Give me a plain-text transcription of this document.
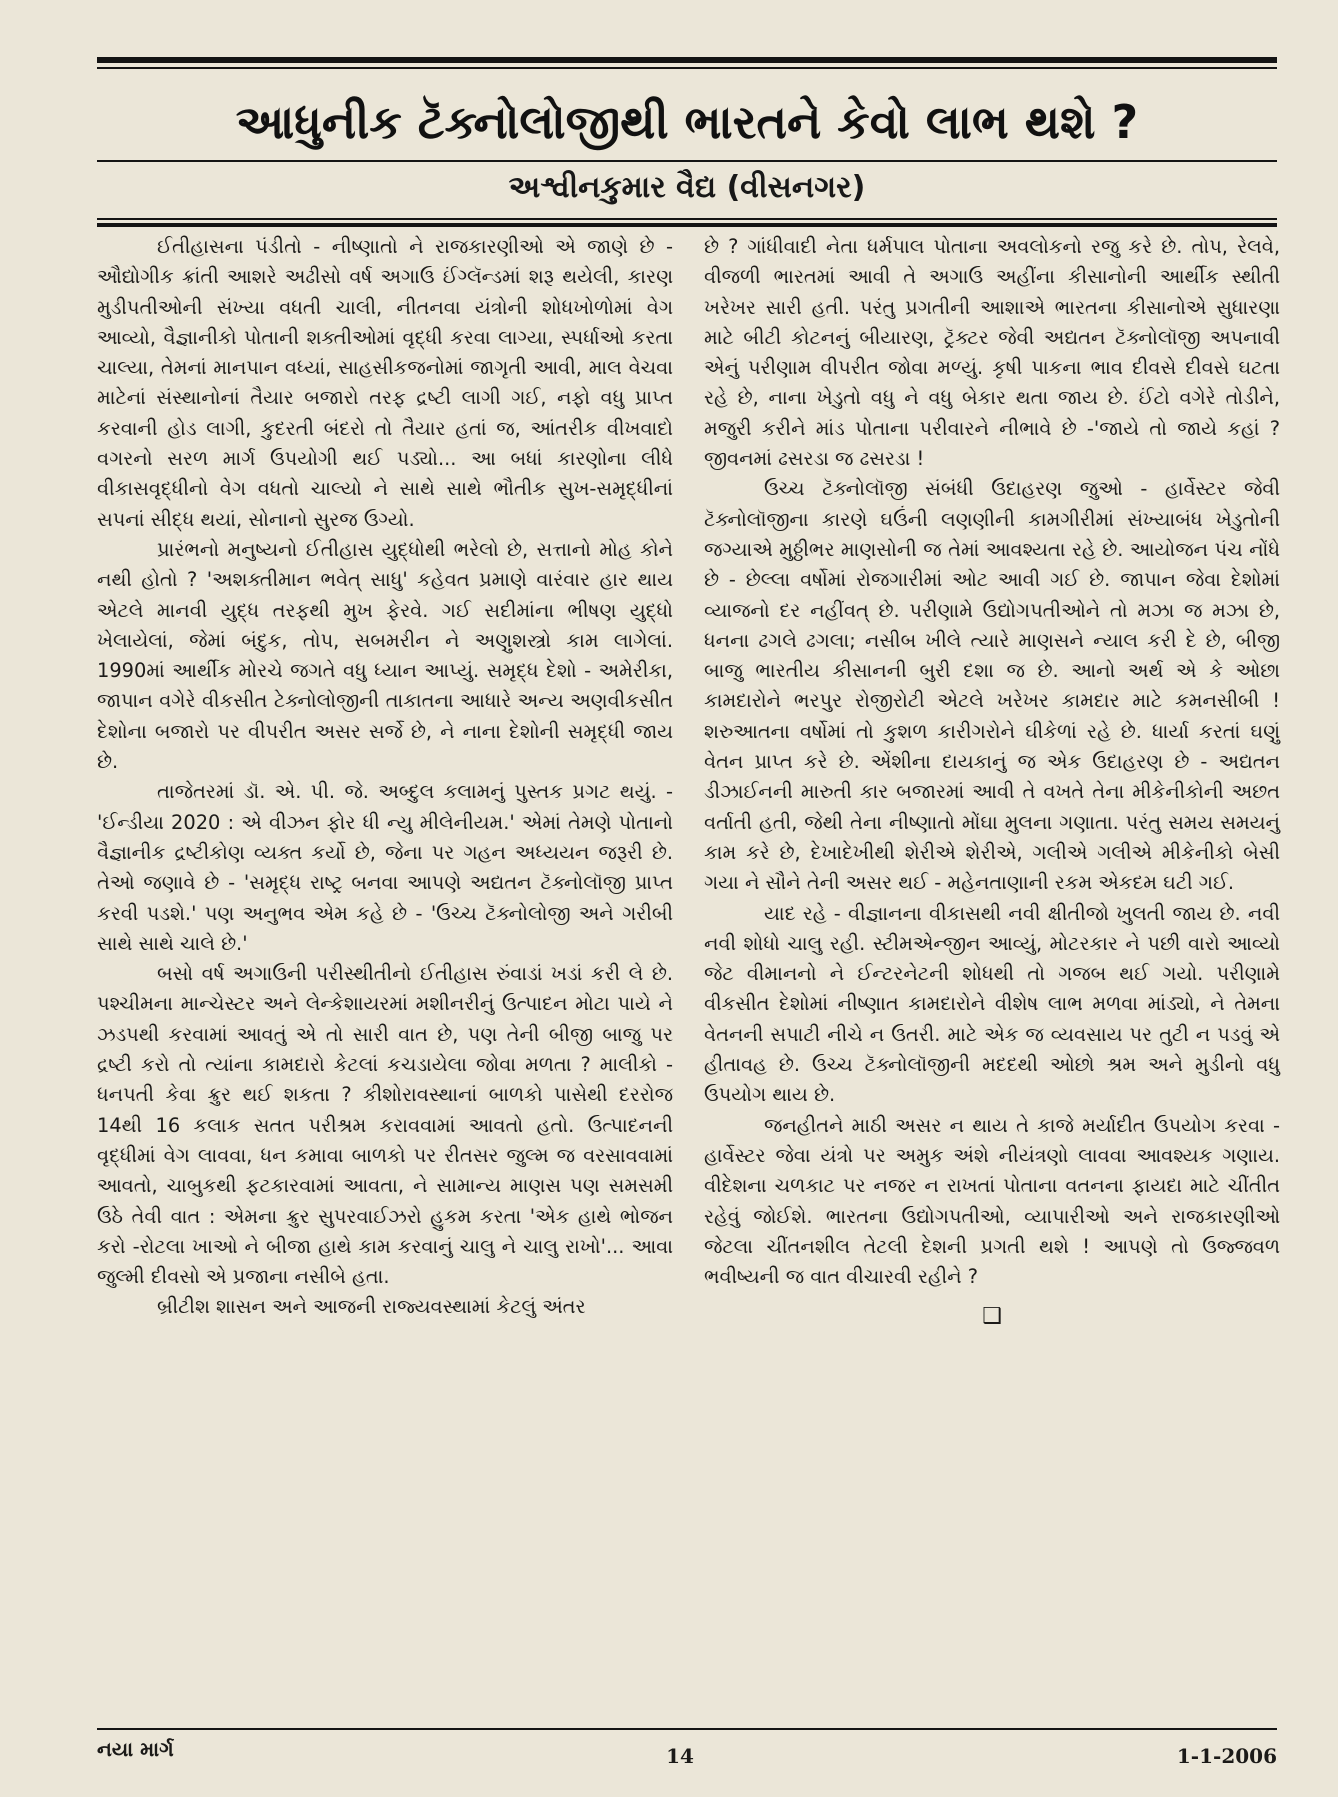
આધુનીક ટૅક્નોલોજીથી ભારતને કેવો લાભ થશે ?
અશ્વીનકુમાર વૈદ્ય (વીસનગર)

ઈતીહાસના પંડીતો - નીષ્ણાતો ને રાજકારણીઓ એ જાણે છે - ઔદ્યોગીક ક્રાંતી આશરે અઢીસો વર્ષ અગાઉ ઈંગ્લૅન્ડમાં શરૂ થયેલી, કારણ મુડીપતીઓની સંખ્યા વધતી ચાલી, નીતનવા યંત્રોની શોધખોળોમાં વેગ આવ્યો, વૈજ્ઞાનીકો પોતાની શક્તીઓમાં વૃદ્ધી કરવા લાગ્યા, સ્પર્ધાઓ કરતા ચાલ્યા, તેમનાં માનપાન વધ્યાં, સાહસીકજનોમાં જાગૃતી આવી, માલ વેચવા માટેનાં સંસ્થાનોનાં તૈયાર બજારો તરફ દ્રષ્ટી લાગી ગઈ, નફો વધુ પ્રાપ્ત કરવાની હોડ લાગી, કુદરતી બંદરો તો તૈયાર હતાં જ, આંતરીક વીખવાદો વગરનો સરળ માર્ગ ઉપયોગી થઈ પડ્યો... આ બધાં કારણોના લીધે વીકાસવૃદ્ધીનો વેગ વધતો ચાલ્યો ને સાથે સાથે ભૌતીક સુખ-સમૃદ્ધીનાં સપનાં સીદ્ધ થયાં, સોનાનો સુરજ ઉગ્યો.

પ્રારંભનો મનુષ્યનો ઈતીહાસ યુદ્ધોથી ભરેલો છે, સત્તાનો મોહ કોને નથી હોતો ? 'અશક્તીમાન ભવેત્ સાધુ' કહેવત પ્રમાણે વારંવાર હાર થાય એટલે માનવી યુદ્ધ તરફથી મુખ ફેરવે. ગઈ સદીમાંના ભીષણ યુદ્ધો ખેલાયેલાં, જેમાં બંદુક, તોપ, સબમરીન ને અણુશસ્ત્રો કામ લાગેલાં. 1990માં આર્થીક મોરચે જગતે વધુ ધ્યાન આપ્યું. સમૃદ્ધ દેશો - અમેરીકા, જાપાન વગેરે વીકસીત ટેક્નોલોજીની તાકાતના આધારે અન્ય અણવીકસીત દેશોના બજારો પર વીપરીત અસર સર્જે છે, ને નાના દેશોની સમૃદ્ધી જાય છે.

તાજેતરમાં ડૉ. એ. પી. જે. અબ્દુલ કલામનું પુસ્તક પ્રગટ થયું. - 'ઈન્ડીયા 2020 : એ વીઝન ફોર ધી ન્યુ મીલેનીયમ.' એમાં તેમણે પોતાનો વૈજ્ઞાનીક દ્રષ્ટીકોણ વ્યક્ત કર્યો છે, જેના પર ગહન અધ્યયન જરૂરી છે. તેઓ જણાવે છે - 'સમૃદ્ધ રાષ્ટ્ર બનવા આપણે અદ્યતન ટૅક્નોલૉજી પ્રાપ્ત કરવી પડશે.' પણ અનુભવ એમ કહે છે - 'ઉચ્ચ ટૅક્નોલોજી અને ગરીબી સાથે સાથે ચાલે છે.'

બસો વર્ષ અગાઉની પરીસ્થીતીનો ઈતીહાસ રુંવાડાં ખડાં કરી લે છે. પશ્ચીમના માન્ચેસ્ટર અને લેન્કેશાયરમાં મશીનરીનું ઉત્પાદન મોટા પાયે ને ઝડપથી કરવામાં આવતું એ તો સારી વાત છે, પણ તેની બીજી બાજુ પર દ્રષ્ટી કરો તો ત્યાંના કામદારો કેટલાં કચડાયેલા જોવા મળતા ? માલીકો - ધનપતી કેવા ક્રુર થઈ શકતા ? કીશોરાવસ્થાનાં બાળકો પાસેથી દરરોજ 14થી 16 કલાક સતત પરીશ્રમ કરાવવામાં આવતો હતો. ઉત્પાદનની વૃદ્ધીમાં વેગ લાવવા, ધન કમાવા બાળકો પર રીતસર જુલ્મ જ વરસાવવામાં આવતો, ચાબુકથી ફટકારવામાં આવતા, ને સામાન્ય માણસ પણ સમસમી ઉઠે તેવી વાત : એમના ક્રુર સુપરવાઈઝરો હુકમ કરતા 'એક હાથે ભોજન કરો -રોટલા ખાઓ ને બીજા હાથે કામ કરવાનું ચાલુ ને ચાલુ રાખો'... આવા જુલ્મી દીવસો એ પ્રજાના નસીબે હતા.

બ્રીટીશ શાસન અને આજની રાજ્યવસ્થામાં કેટલું અંતર

છે ? ગાંધીવાદી નેતા ધર્મપાલ પોતાના અવલોકનો રજુ કરે છે. તોપ, રેલવે, વીજળી ભારતમાં આવી તે અગાઉ અહીંના કીસાનોની આર્થીક સ્થીતી ખરેખર સારી હતી. પરંતુ પ્રગતીની આશાએ ભારતના કીસાનોએ સુધારણા માટે બીટી કોટનનું બીયારણ, ટ્રૅક્ટર જેવી અદ્યતન ટૅક્નોલૉજી અપનાવી એનું પરીણામ વીપરીત જોવા મળ્યું. કૃષી પાકના ભાવ દીવસે દીવસે ઘટતા રહે છે, નાના ખેડુતો વધુ ને વધુ બેકાર થતા જાય છે. ઈંટો વગેરે તોડીને, મજુરી કરીને માંડ પોતાના પરીવારને નીભાવે છે -'જાયે તો જાયે કહાં ? જીવનમાં ઢસરડા જ ઢસરડા !

ઉચ્ચ ટૅક્નોલૉજી સંબંધી ઉદાહરણ જુઓ - હાર્વેસ્ટર જેવી ટૅક્નોલૉજીના કારણે ઘઉંની લણણીની કામગીરીમાં સંખ્યાબંધ ખેડુતોની જગ્યાએ મુઠ્ઠીભર માણસોની જ તેમાં આવશ્યતા રહે છે. આયોજન પંચ નોંધે છે - છેલ્લા વર્ષોમાં રોજગારીમાં ઓટ આવી ગઈ છે. જાપાન જેવા દેશોમાં વ્યાજનો દર નહીંવત્ છે. પરીણામે ઉદ્યોગપતીઓને તો મઝા જ મઝા છે, ધનના ઢગલે ઢગલા; નસીબ ખીલે ત્યારે માણસને ન્યાલ કરી દે છે, બીજી બાજુ ભારતીય કીસાનની બુરી દશા જ છે. આનો અર્થ એ કે ઓછા કામદારોને ભરપુર રોજીરોટી એટલે ખરેખર કામદાર માટે કમનસીબી ! શરુઆતના વર્ષોમાં તો કુશળ કારીગરોને ઘીકેળાં રહે છે. ધાર્યા કરતાં ઘણું વેતન પ્રાપ્ત કરે છે. એંશીના દાયકાનું જ એક ઉદાહરણ છે - અદ્યતન ડીઝાઈનની મારુતી કાર બજારમાં આવી તે વખતે તેના મીકેનીકોની અછત વર્તાતી હતી, જેથી તેના નીષ્ણાતો મોંઘા મુલના ગણાતા. પરંતુ સમય સમયનું કામ કરે છે, દેખાદેખીથી શેરીએ શેરીએ, ગલીએ ગલીએ મીકેનીકો બેસી ગયા ને સૌને તેની અસર થઈ - મહેનતાણાની રકમ એકદમ ઘટી ગઈ.

યાદ રહે - વીજ્ઞાનના વીકાસથી નવી ક્ષીતીજો ખુલતી જાય છે. નવી નવી શોધો ચાલુ રહી. સ્ટીમએન્જીન આવ્યું, મોટરકાર ને પછી વારો આવ્યો જેટ વીમાનનો ને ઈન્ટરનેટની શોધથી તો ગજબ થઈ ગયો. પરીણામે વીકસીત દેશોમાં નીષ્ણાત કામદારોને વીશેષ લાભ મળવા માંડ્યો, ને તેમના વેતનની સપાટી નીચે ન ઉતરી. માટે એક જ વ્યવસાય પર તુટી ન પડવું એ હીતાવહ છે. ઉચ્ચ ટૅક્નોલૉજીની મદદથી ઓછો શ્રમ અને મુડીનો વધુ ઉપયોગ થાય છે.

જનહીતને માઠી અસર ન થાય તે કાજે મર્યાદીત ઉપયોગ કરવા - હાર્વેસ્ટર જેવા યંત્રો પર અમુક અંશે નીયંત્રણો લાવવા આવશ્યક ગણાય. વીદેશના ચળકાટ પર નજર ન રાખતાં પોતાના વતનના ફાયદા માટે ચીંતીત રહેવું જોઈશે. ભારતના ઉદ્યોગપતીઓ, વ્યાપારીઓ અને રાજકારણીઓ જેટલા ચીંતનશીલ તેટલી દેશની પ્રગતી થશે ! આપણે તો ઉજ્જવળ ભવીષ્યની જ વાત વીચારવી રહીને ?

❑
નયા માર્ગ	14	1-1-2006
